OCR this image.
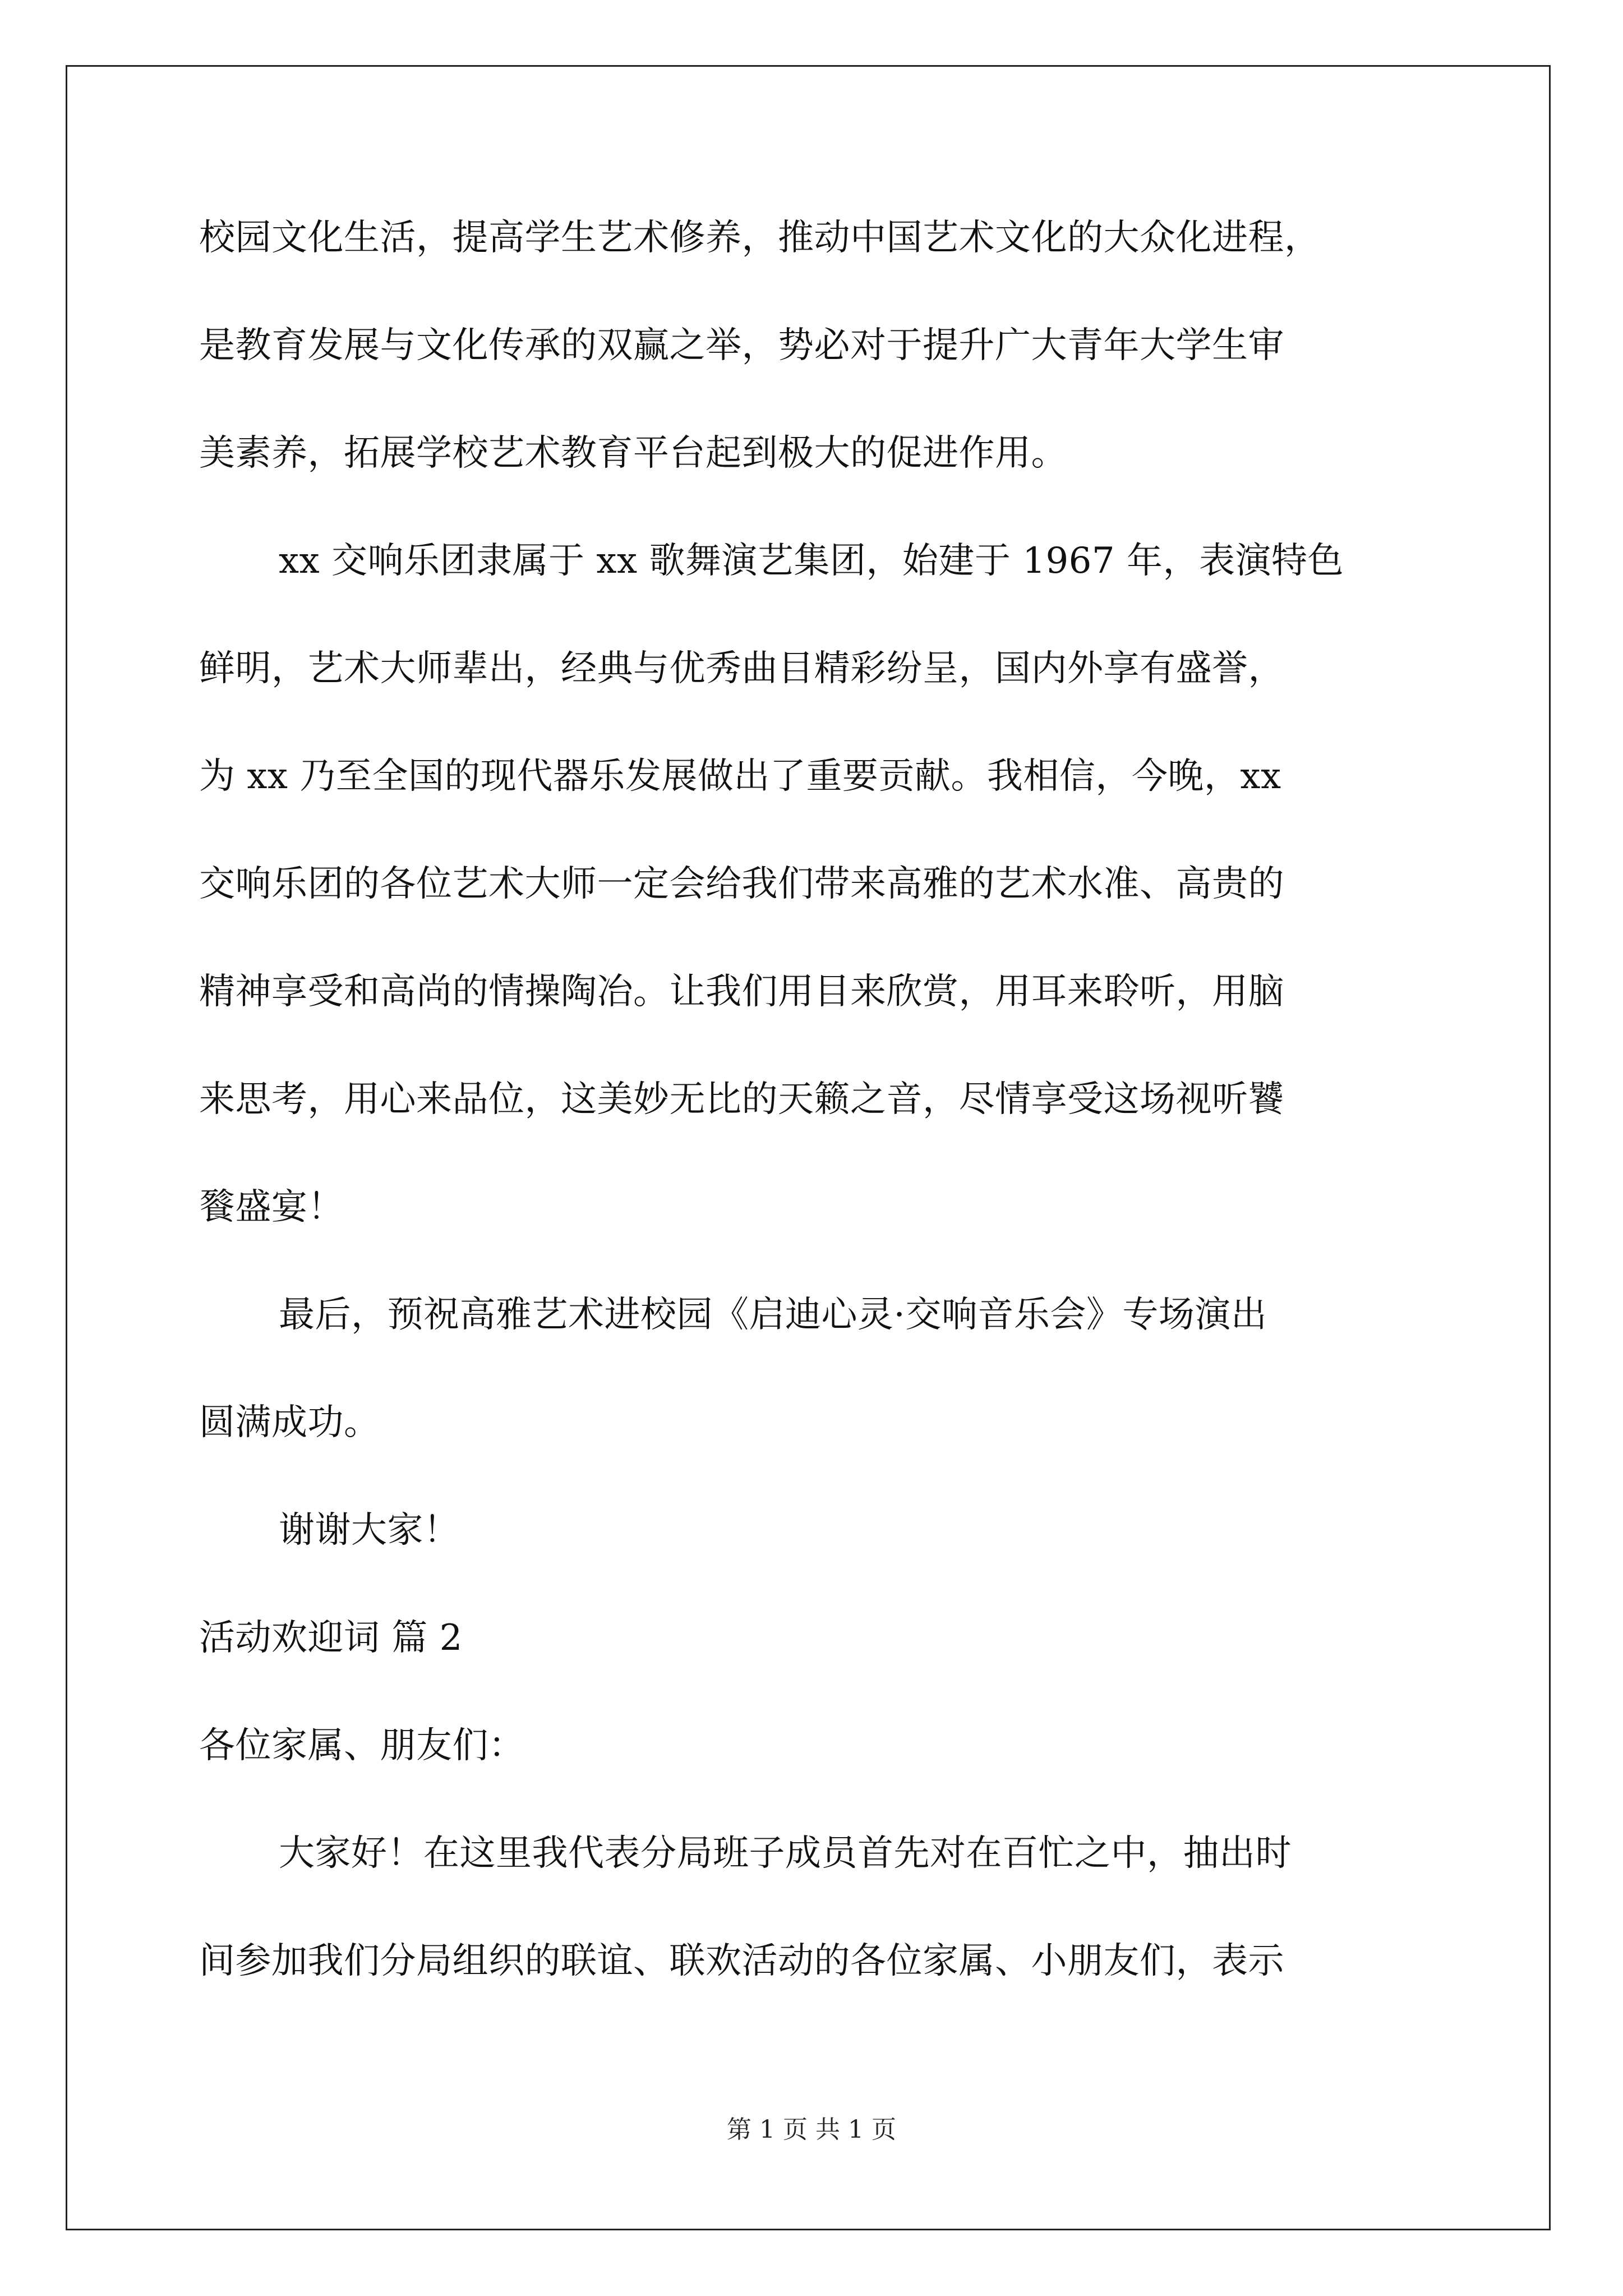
校园文化生活，提高学生艺术修养，推动中国艺术文化的大众化进程，
是教育发展与文化传承的双赢之举，势必对于提升广大青年大学生审
美素养，拓展学校艺术教育平台起到极大的促进作用。
xx 交响乐团隶属于 xx 歌舞演艺集团，始建于 1967 年，表演特色
鲜明，艺术大师辈出，经典与优秀曲目精彩纷呈，国内外享有盛誉，
为 xx 乃至全国的现代器乐发展做出了重要贡献。我相信，今晚，xx
交响乐团的各位艺术大师一定会给我们带来高雅的艺术水准、高贵的
精神享受和高尚的情操陶冶。让我们用目来欣赏，用耳来聆听，用脑
来思考，用心来品位，这美妙无比的天籁之音，尽情享受这场视听饕
餮盛宴！
最后，预祝高雅艺术进校园《启迪心灵·交响音乐会》专场演出
圆满成功。
谢谢大家！
活动欢迎词 篇 2
各位家属、朋友们：
大家好！在这里我代表分局班子成员首先对在百忙之中，抽出时
间参加我们分局组织的联谊、联欢活动的各位家属、小朋友们，表示
第 1 页 共 1 页
